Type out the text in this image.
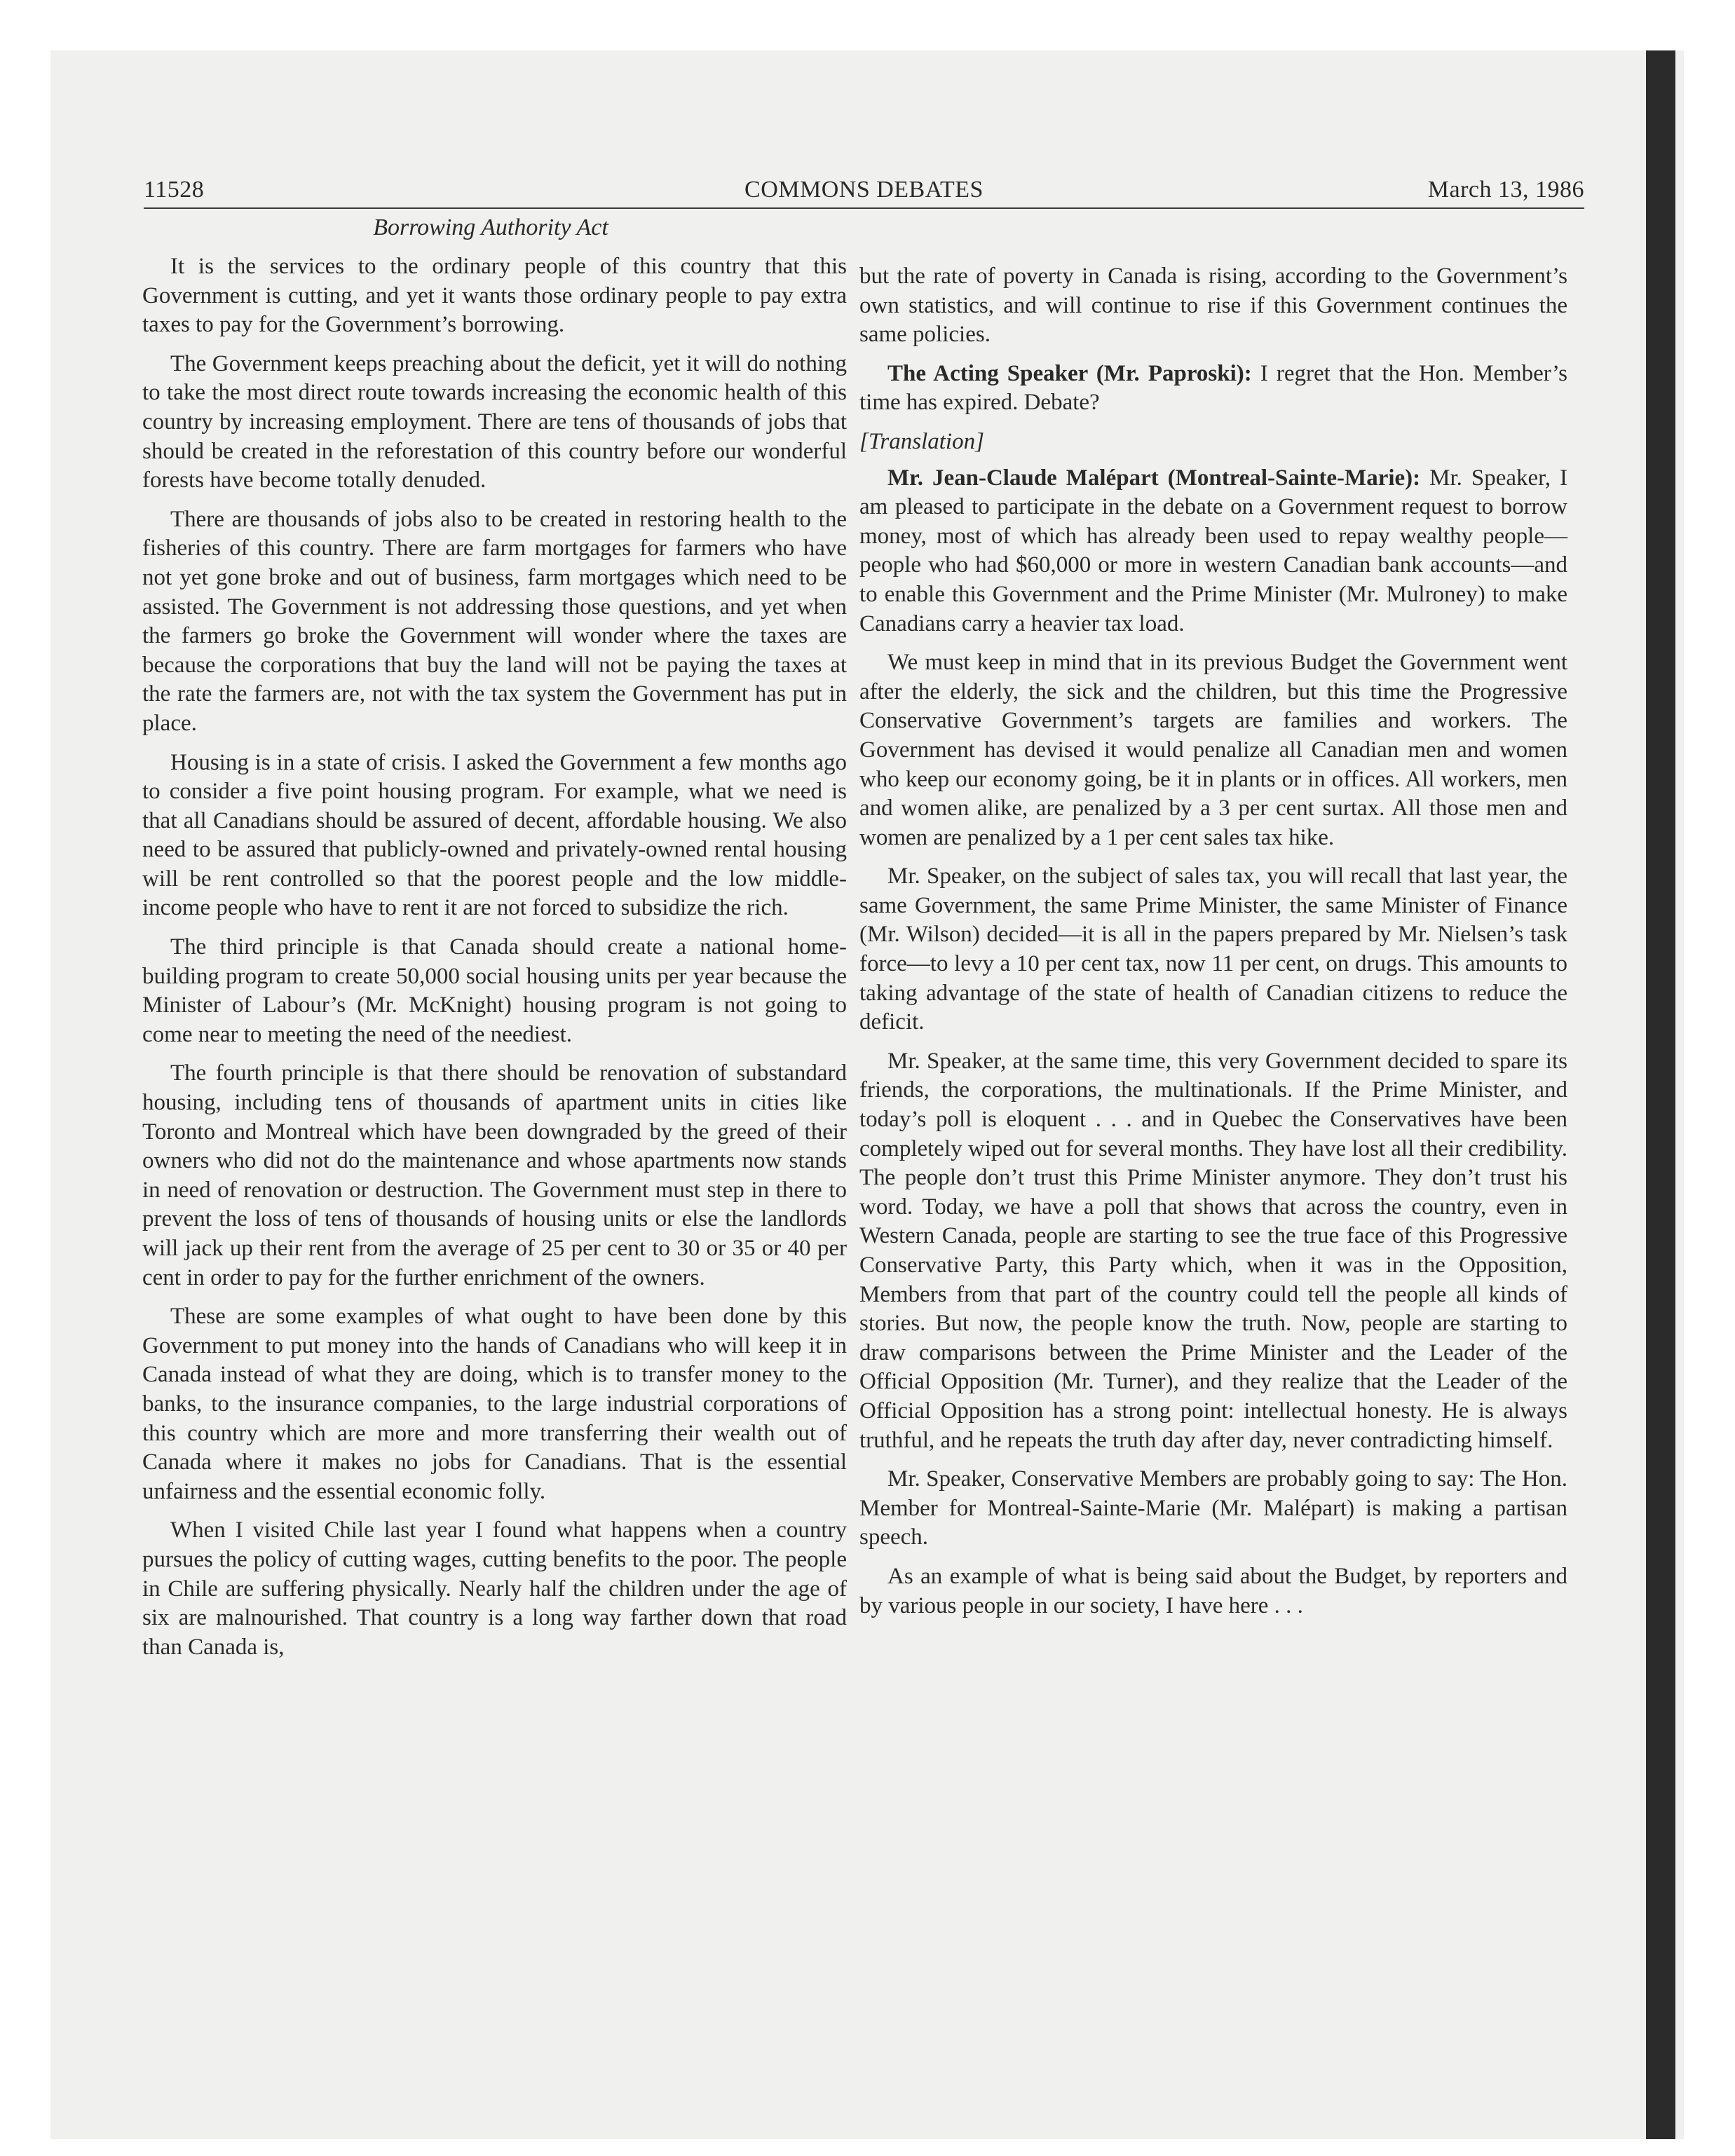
11528	COMMONS DEBATES	March 13, 1986
Borrowing Authority Act

It is the services to the ordinary people of this country that this Government is cutting, and yet it wants those ordinary people to pay extra taxes to pay for the Government’s borrowing.

The Government keeps preaching about the deficit, yet it will do nothing to take the most direct route towards increasing the economic health of this country by increasing employment. There are tens of thousands of jobs that should be created in the reforestation of this country before our wonderful forests have become totally denuded.

There are thousands of jobs also to be created in restoring health to the fisheries of this country. There are farm mortgages for farmers who have not yet gone broke and out of business, farm mortgages which need to be assisted. The Government is not addressing those questions, and yet when the farmers go broke the Government will wonder where the taxes are because the corporations that buy the land will not be paying the taxes at the rate the farmers are, not with the tax system the Government has put in place.

Housing is in a state of crisis. I asked the Government a few months ago to consider a five point housing program. For example, what we need is that all Canadians should be assured of decent, affordable housing. We also need to be assured that publicly-owned and privately-owned rental housing will be rent controlled so that the poorest people and the low middle-income people who have to rent it are not forced to subsidize the rich.

The third principle is that Canada should create a national home-building program to create 50,000 social housing units per year because the Minister of Labour’s (Mr. McKnight) housing program is not going to come near to meeting the need of the neediest.

The fourth principle is that there should be renovation of substandard housing, including tens of thousands of apartment units in cities like Toronto and Montreal which have been downgraded by the greed of their owners who did not do the maintenance and whose apartments now stands in need of renovation or destruction. The Government must step in there to prevent the loss of tens of thousands of housing units or else the landlords will jack up their rent from the average of 25 per cent to 30 or 35 or 40 per cent in order to pay for the further enrichment of the owners.

These are some examples of what ought to have been done by this Government to put money into the hands of Canadians who will keep it in Canada instead of what they are doing, which is to transfer money to the banks, to the insurance companies, to the large industrial corporations of this country which are more and more transferring their wealth out of Canada where it makes no jobs for Canadians. That is the essential unfairness and the essential economic folly.

When I visited Chile last year I found what happens when a country pursues the policy of cutting wages, cutting benefits to the poor. The people in Chile are suffering physically. Nearly half the children under the age of six are malnourished. That country is a long way farther down that road than Canada is,

but the rate of poverty in Canada is rising, according to the Government’s own statistics, and will continue to rise if this Government continues the same policies.

The Acting Speaker (Mr. Paproski): I regret that the Hon. Member’s time has expired. Debate?

[Translation]

Mr. Jean-Claude Malépart (Montreal-Sainte-Marie): Mr. Speaker, I am pleased to participate in the debate on a Government request to borrow money, most of which has already been used to repay wealthy people—people who had $60,000 or more in western Canadian bank accounts—and to enable this Government and the Prime Minister (Mr. Mulroney) to make Canadians carry a heavier tax load.

We must keep in mind that in its previous Budget the Government went after the elderly, the sick and the children, but this time the Progressive Conservative Government’s targets are families and workers. The Government has devised it would penalize all Canadian men and women who keep our economy going, be it in plants or in offices. All workers, men and women alike, are penalized by a 3 per cent surtax. All those men and women are penalized by a 1 per cent sales tax hike.

Mr. Speaker, on the subject of sales tax, you will recall that last year, the same Government, the same Prime Minister, the same Minister of Finance (Mr. Wilson) decided—it is all in the papers prepared by Mr. Nielsen’s task force—to levy a 10 per cent tax, now 11 per cent, on drugs. This amounts to taking advantage of the state of health of Canadian citizens to reduce the deficit.

Mr. Speaker, at the same time, this very Government decided to spare its friends, the corporations, the multinationals. If the Prime Minister, and today’s poll is eloquent . . . and in Quebec the Conservatives have been completely wiped out for several months. They have lost all their credibility. The people don’t trust this Prime Minister anymore. They don’t trust his word. Today, we have a poll that shows that across the country, even in Western Canada, people are starting to see the true face of this Progressive Conservative Party, this Party which, when it was in the Opposition, Members from that part of the country could tell the people all kinds of stories. But now, the people know the truth. Now, people are starting to draw comparisons between the Prime Minister and the Leader of the Official Opposition (Mr. Turner), and they realize that the Leader of the Official Opposition has a strong point: intellectual honesty. He is always truthful, and he repeats the truth day after day, never contradicting himself.

Mr. Speaker, Conservative Members are probably going to say: The Hon. Member for Montreal-Sainte-Marie (Mr. Malépart) is making a partisan speech.

As an example of what is being said about the Budget, by reporters and by various people in our society, I have here . . .
